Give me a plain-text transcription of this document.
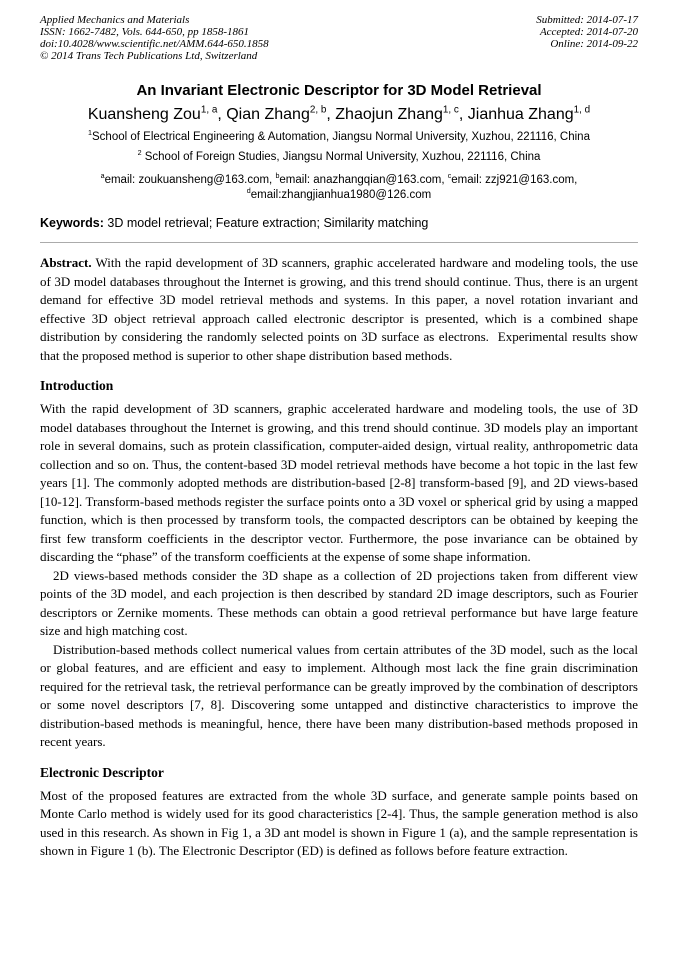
Applied Mechanics and Materials
ISSN: 1662-7482, Vols. 644-650, pp 1858-1861
doi:10.4028/www.scientific.net/AMM.644-650.1858
© 2014 Trans Tech Publications Ltd, Switzerland
Submitted: 2014-07-17
Accepted: 2014-07-20
Online: 2014-09-22
An Invariant Electronic Descriptor for 3D Model Retrieval
Kuansheng Zou$^{1, a}$, Qian Zhang$^{2, b}$, Zhaojun Zhang$^{1, c}$, Jianhua Zhang$^{1, d}$
$^1$School of Electrical Engineering & Automation, Jiangsu Normal University, Xuzhou, 221116, China
$^2$ School of Foreign Studies, Jiangsu Normal University, Xuzhou, 221116, China
$^a$email: zoukuansheng@163.com, $^b$email: anazhangqian@163.com, $^c$email: zzj921@163.com,
$^d$email:zhangjianhua1980@126.com

Keywords: 3D model retrieval; Feature extraction; Similarity matching

Abstract. With the rapid development of 3D scanners, graphic accelerated hardware and modeling tools, the use of 3D model databases throughout the Internet is growing, and this trend should continue. Thus, there is an urgent demand for effective 3D model retrieval methods and systems. In this paper, a novel rotation invariant and effective 3D object retrieval approach called electronic descriptor is presented, which is a combined shape distribution by considering the randomly selected points on 3D surface as electrons.  Experimental results show that the proposed method is superior to other shape distribution based methods.

Introduction

With the rapid development of 3D scanners, graphic accelerated hardware and modeling tools, the use of 3D model databases throughout the Internet is growing, and this trend should continue. 3D models play an important role in several domains, such as protein classification, computer-aided design, virtual reality, anthropometric data collection and so on. Thus, the content-based 3D model retrieval methods have become a hot topic in the last few years [1]. The commonly adopted methods are distribution-based [2-8] transform-based [9], and 2D views-based [10-12]. Transform-based methods register the surface points onto a 3D voxel or spherical grid by using a mapped function, which is then processed by transform tools, the compacted descriptors can be obtained by keeping the first few transform coefficients in the descriptor vector. Furthermore, the pose invariance can be obtained by discarding the “phase” of the transform coefficients at the expense of some shape information.

2D views-based methods consider the 3D shape as a collection of 2D projections taken from different view points of the 3D model, and each projection is then described by standard 2D image descriptors, such as Fourier descriptors or Zernike moments. These methods can obtain a good retrieval performance but have large feature size and high matching cost.

Distribution-based methods collect numerical values from certain attributes of the 3D model, such as the local or global features, and are efficient and easy to implement. Although most lack the fine grain discrimination required for the retrieval task, the retrieval performance can be greatly improved by the combination of descriptors or some novel descriptors [7, 8]. Discovering some untapped and distinctive characteristics to improve the distribution-based methods is meaningful, hence, there have been many distribution-based methods proposed in recent years.

Electronic Descriptor

Most of the proposed features are extracted from the whole 3D surface, and generate sample points based on Monte Carlo method is widely used for its good characteristics [2-4]. Thus, the sample generation method is also used in this research. As shown in Fig 1, a 3D ant model is shown in Figure 1 (a), and the sample representation is shown in Figure 1 (b). The Electronic Descriptor (ED) is defined as follows before feature extraction.
